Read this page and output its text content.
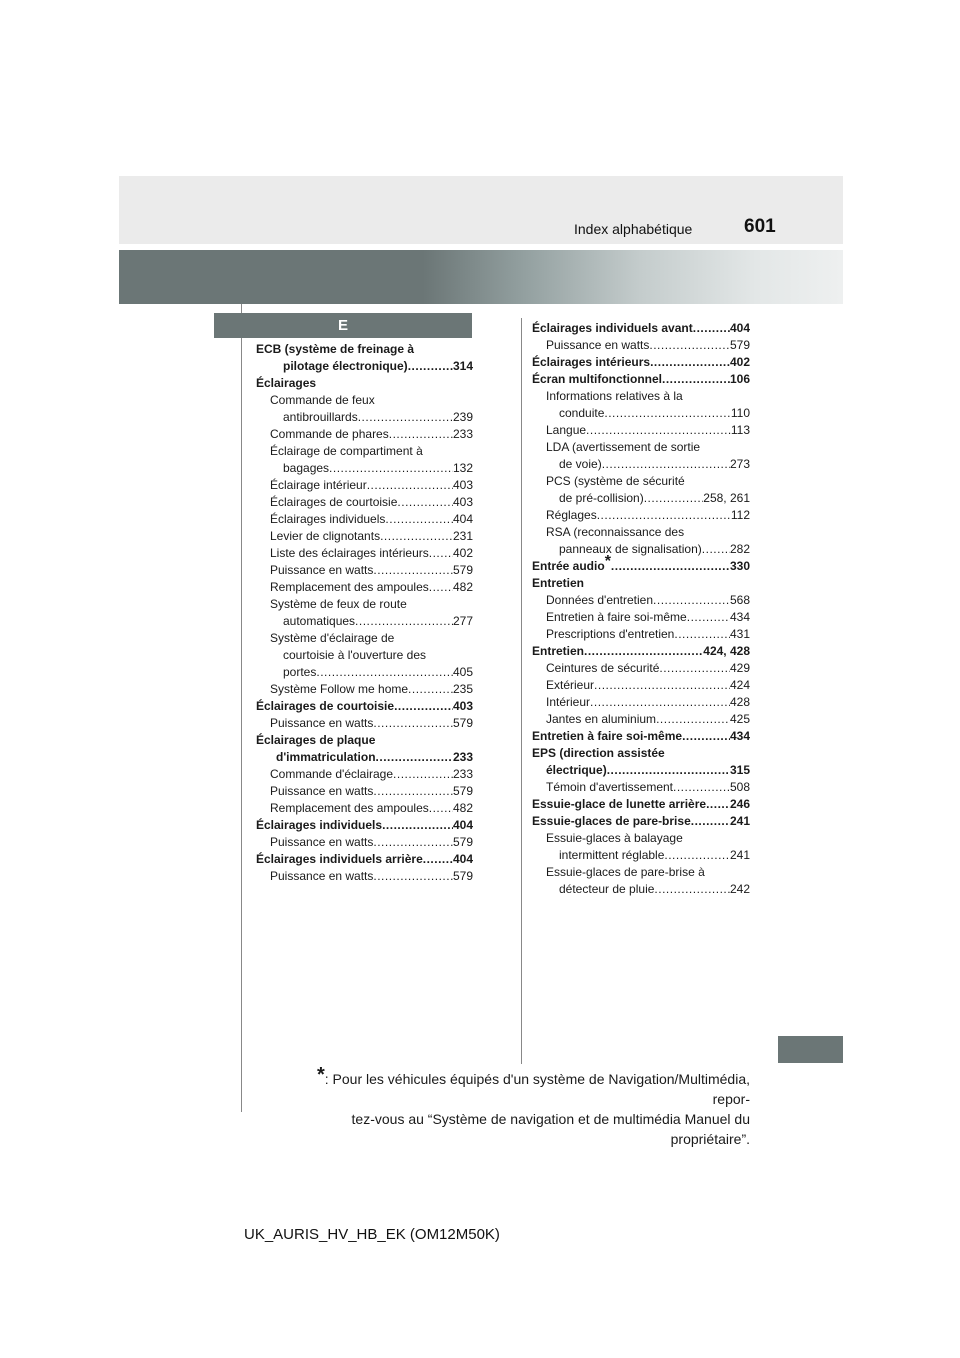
Index alphabétique	601
E
ECB (système de freinage à
pilotage électronique) .....	314
Éclairages
Commande de feux
antibrouillards .....	239
Commande de phares .....	233
Éclairage de compartiment à
bagages .....	132
Éclairage intérieur .....	403
Éclairages de courtoisie .....	403
Éclairages individuels .....	404
Levier de clignotants .....	231
Liste des éclairages intérieurs ..... 402
Puissance en watts .....	579
Remplacement des ampoules ..... 482
Système de feux de route
automatiques .....	277
Système d'éclairage de
courtoisie à l'ouverture des
portes .....	405
Système Follow me home .....	235
Éclairages de courtoisie .....	403
Puissance en watts .....	579
Éclairages de plaque
d'immatriculation .....	233
Commande d'éclairage .....	233
Puissance en watts .....	579
Remplacement des ampoules ..... 482
Éclairages individuels .....	404
Puissance en watts .....	579
Éclairages individuels arrière .....	404
Puissance en watts .....	579
Éclairages individuels avant .....	404
Puissance en watts .....	579
Éclairages intérieurs .....	402
Écran multifonctionnel .....	106
Informations relatives à la
conduite .....	110
Langue .....	113
LDA (avertissement de sortie
de voie) .....	273
PCS (système de sécurité
de pré-collision) .....	258, 261
Réglages .....	112
RSA (reconnaissance des
panneaux de signalisation) ..... 282
Entrée audio * .....	330
Entretien
Données d'entretien .....	568
Entretien à faire soi-même .....	434
Prescriptions d'entretien .....	431
Entretien .....	424, 428
Ceintures de sécurité .....	429
Extérieur .....	424
Intérieur .....	428
Jantes en aluminium .....	425
Entretien à faire soi-même .....	434
EPS (direction assistée
électrique) .....	315
Témoin d'avertissement .....	508
Essuie-glace de lunette arrière ..... 246
Essuie-glaces de pare-brise .....	241
Essuie-glaces à balayage
intermittent réglable .....	241
Essuie-glaces de pare-brise à
détecteur de pluie .....	242
*: Pour les véhicules équipés d'un système de Navigation/Multimédia, repor-
tez-vous au “Système de navigation et de multimédia Manuel du propriétaire”.
UK_AURIS_HV_HB_EK (OM12M50K)
